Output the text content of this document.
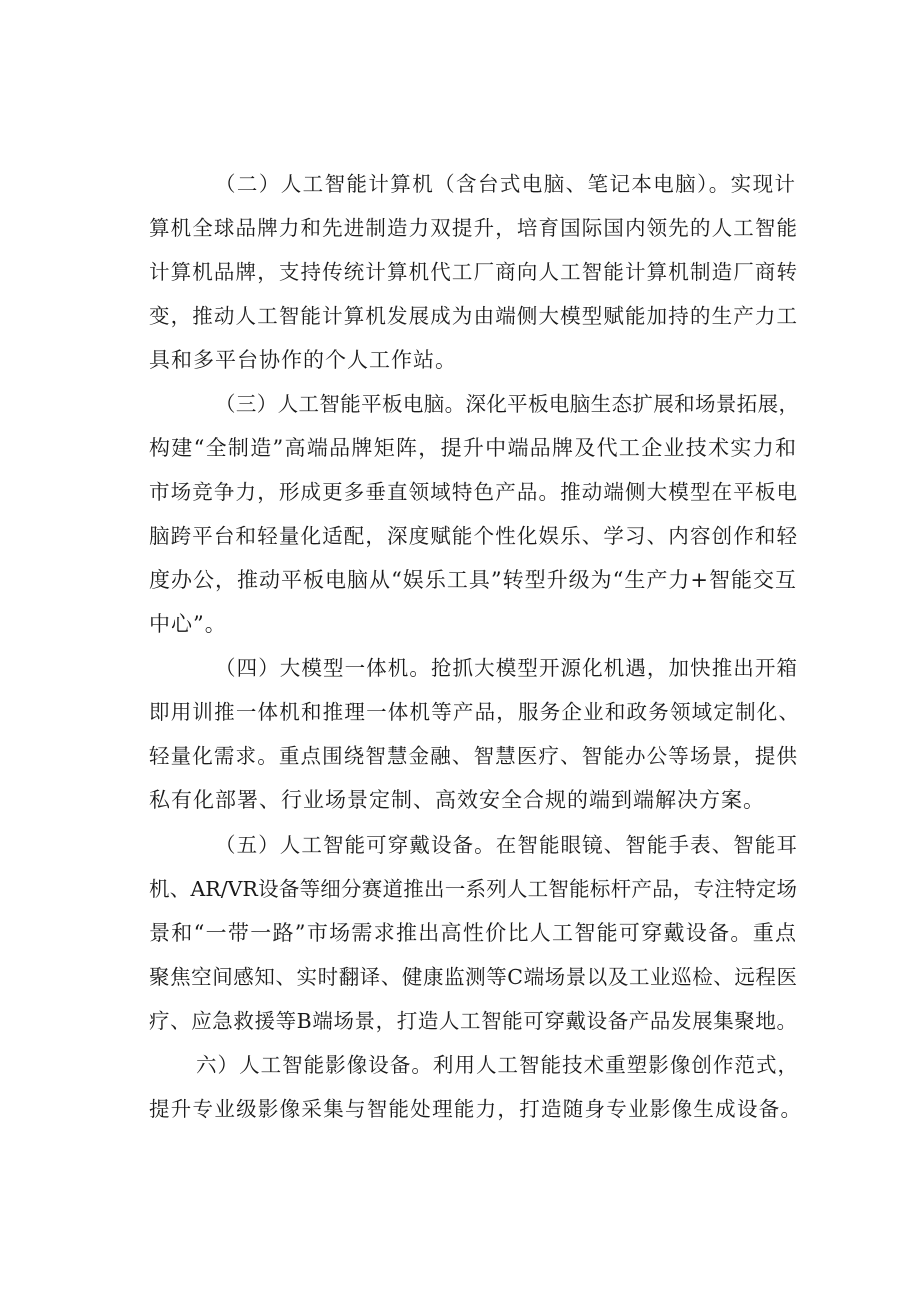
（二）人工智能计算机（含台式电脑、笔记本电脑）。实现计

算机全球品牌力和先进制造力双提升，培育国际国内领先的人工智能

计算机品牌，支持传统计算机代工厂商向人工智能计算机制造厂商转

变，推动人工智能计算机发展成为由端侧大模型赋能加持的生产力工

具和多平台协作的个人工作站。

（三）人工智能平板电脑。深化平板电脑生态扩展和场景拓展，

构建“全制造”高端品牌矩阵，提升中端品牌及代工企业技术实力和

市场竞争力，形成更多垂直领域特色产品。推动端侧大模型在平板电

脑跨平台和轻量化适配，深度赋能个性化娱乐、学习、内容创作和轻

度办公，推动平板电脑从“娱乐工具”转型升级为“生产力+智能交互

中心”。

（四）大模型一体机。抢抓大模型开源化机遇，加快推出开箱

即用训推一体机和推理一体机等产品，服务企业和政务领域定制化、

轻量化需求。重点围绕智慧金融、智慧医疗、智能办公等场景，提供

私有化部署、行业场景定制、高效安全合规的端到端解决方案。

（五）人工智能可穿戴设备。在智能眼镜、智能手表、智能耳

机、AR/VR设备等细分赛道推出一系列人工智能标杆产品，专注特定场

景和“一带一路”市场需求推出高性价比人工智能可穿戴设备。重点

聚焦空间感知、实时翻译、健康监测等C端场景以及工业巡检、远程医

疗、应急救援等B端场景，打造人工智能可穿戴设备产品发展集聚地。

六）人工智能影像设备。利用人工智能技术重塑影像创作范式，

提升专业级影像采集与智能处理能力，打造随身专业影像生成设备。
